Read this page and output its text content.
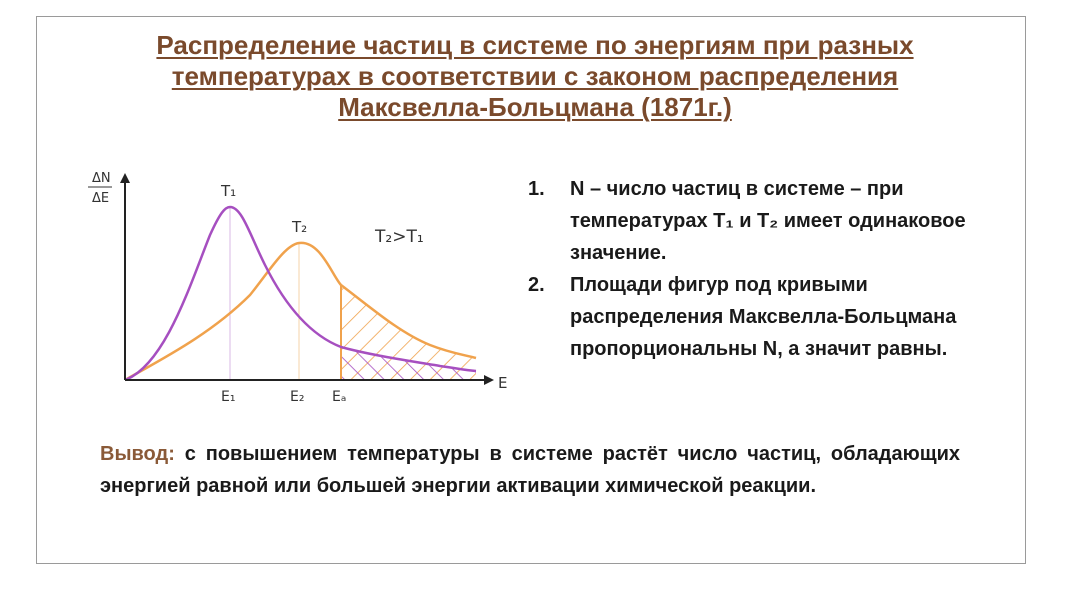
Распределение частиц в системе по энергиям при разных
температурах в соответствии с законом распределения
Максвелла-Больцмана (1871г.)
ΔN
ΔE
E
T₁
T₂	T₂>T₁
E₁	E₂ Eₐ
1. N – число частиц в системе – при температурах T₁ и T₂ имеет одинаковое значение.
2. Площади фигур под кривыми распределения Максвелла-Больцмана пропорциональны N, а значит равны.
Вывод: с повышением температуры в системе растёт число частиц, обладающих энергией равной или большей энергии активации химической реакции.
